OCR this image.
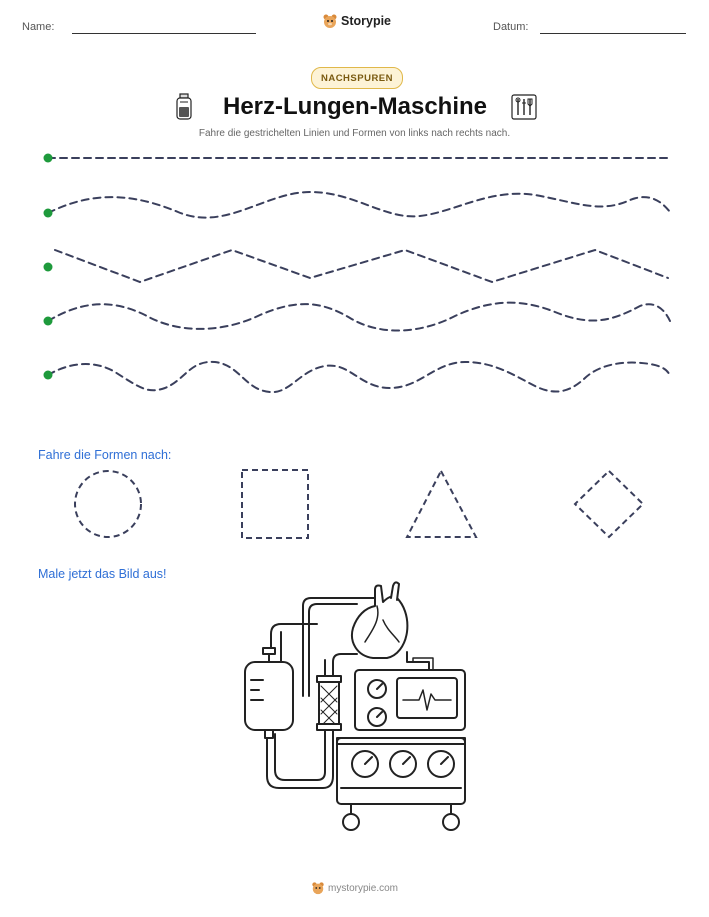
Name:	Storypie	Datum:
NACHSPUREN
Herz-Lungen-Maschine
Fahre die gestrichelten Linien und Formen von links nach rechts nach.
Fahre die Formen nach:
Male jetzt das Bild aus!
mystorypie.com
